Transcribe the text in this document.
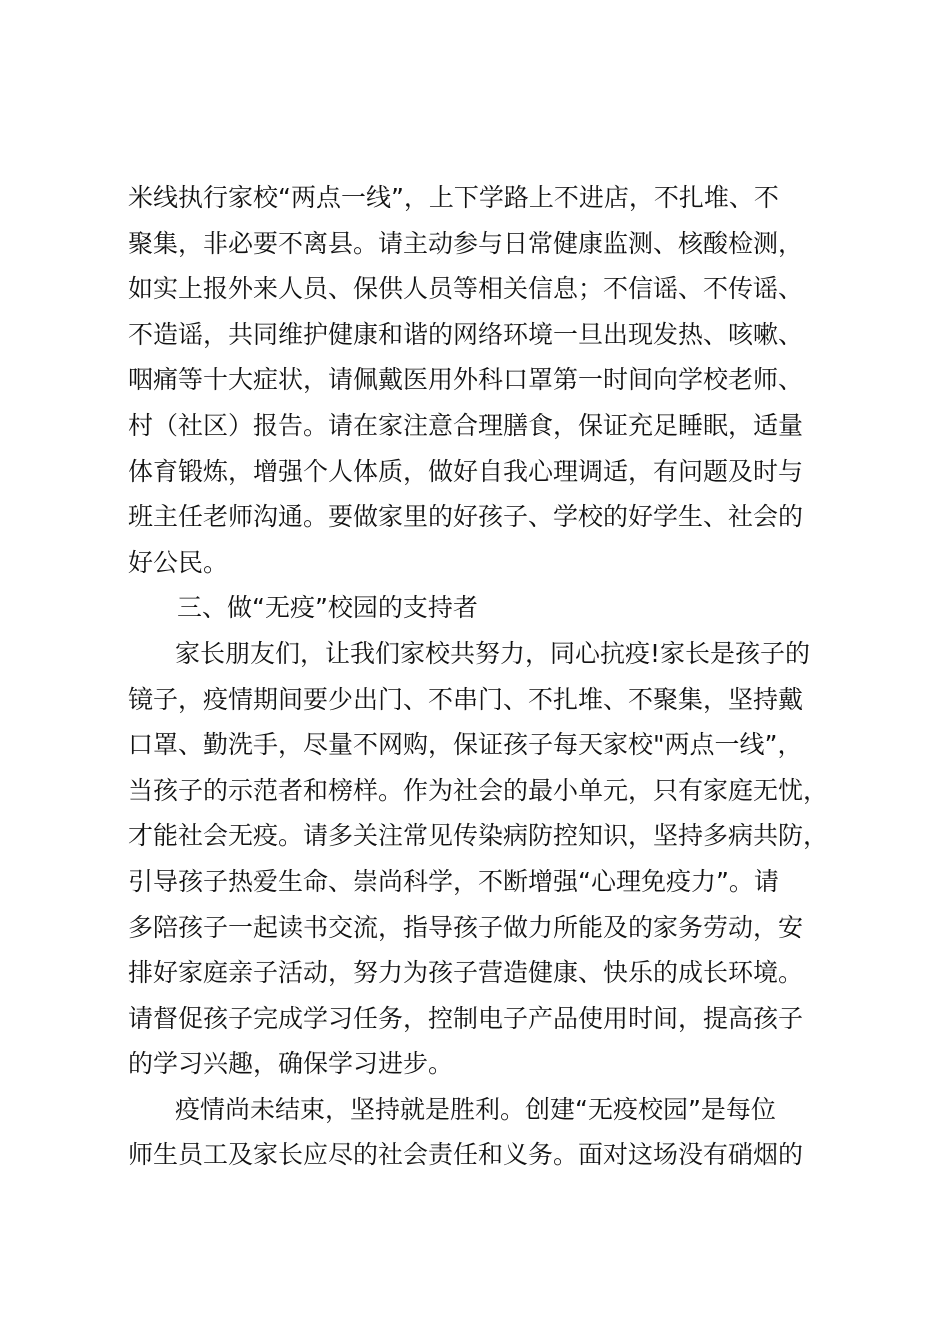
米线执行家校“两点一线”，上下学路上不进店，不扎堆、不
聚集，非必要不离县。请主动参与日常健康监测、核酸检测，
如实上报外来人员、保供人员等相关信息；不信谣、不传谣、
不造谣，共同维护健康和谐的网络环境一旦出现发热、咳嗽、
咽痛等十大症状，请佩戴医用外科口罩第一时间向学校老师、
村（社区）报告。请在家注意合理膳食，保证充足睡眠，适量
体育锻炼，增强个人体质，做好自我心理调适，有问题及时与
班主任老师沟通。要做家里的好孩子、学校的好学生、社会的
好公民。
三、做“无疫”校园的支持者
家长朋友们，让我们家校共努力，同心抗疫!家长是孩子的
镜子，疫情期间要少出门、不串门、不扎堆、不聚集，坚持戴
口罩、勤洗手，尽量不网购，保证孩子每天家校"两点一线”，
当孩子的示范者和榜样。作为社会的最小单元，只有家庭无忧，
才能社会无疫。请多关注常见传染病防控知识，坚持多病共防，
引导孩子热爱生命、崇尚科学，不断增强“心理免疫力”。请
多陪孩子一起读书交流，指导孩子做力所能及的家务劳动，安
排好家庭亲子活动，努力为孩子营造健康、快乐的成长环境。
请督促孩子完成学习任务，控制电子产品使用时间，提高孩子
的学习兴趣，确保学习进步。
疫情尚未结束，坚持就是胜利。创建“无疫校园”是每位
师生员工及家长应尽的社会责任和义务。面对这场没有硝烟的
